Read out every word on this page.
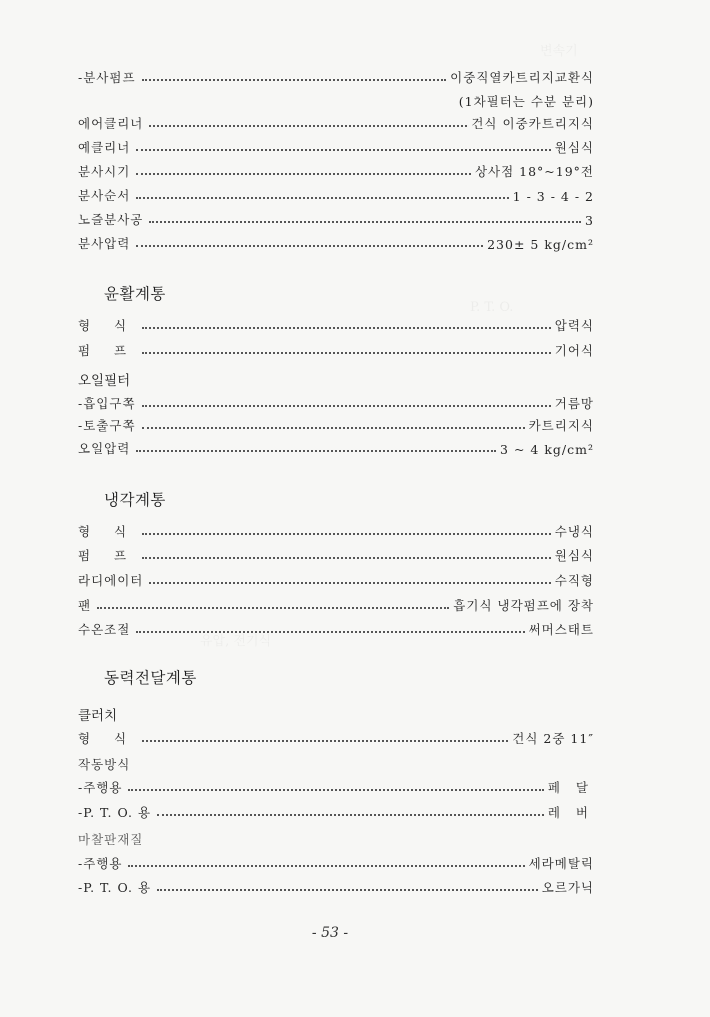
-분사펌프	이중직열카트리지교환식
(1차필터는 수분 분리)
에어클리너	건식 이중카트리지식
예클리너	원심식
분사시기	상사점 18°~19°전
분사순서	1 - 3 - 4 - 2
노즐분사공	3
분사압력	230± 5 kg/cm²
윤활계통
형 식	압력식
펌 프	기어식
오일필터
-흡입구쪽	거름망
-토출구쪽	카트리지식
오일압력	3 ~ 4 kg/cm²
냉각계통
형 식	수냉식
펌 프	원심식
라디에이터	수직형
팬	흡기식 냉각펌프에 장착
수온조절	써머스태트
동력전달계통
클러치
형 식	건식 2중 11″
작동방식
-주행용	페 달
-P. T. O. 용	레 버
마찰판재질
-주행용	세라메탈릭
-P. T. O. 용	오르가닉
- 53 -
